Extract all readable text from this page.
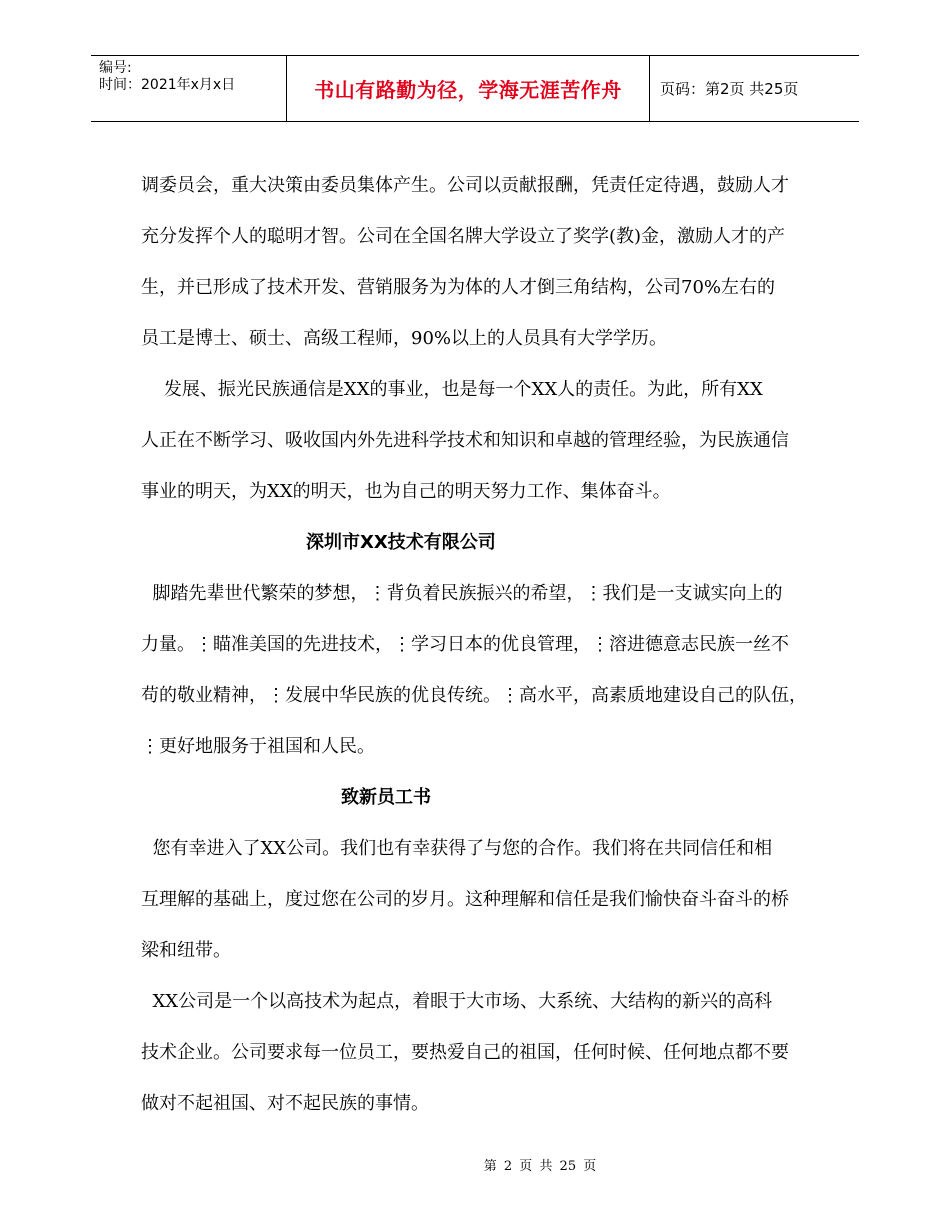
编号:
时间：2021年x月x日	书山有路勤为径，学海无涯苦作舟	页码：第2页 共25页

调委员会，重大决策由委员集体产生。公司以贡献报酬，凭责任定待遇，鼓励人才

充分发挥个人的聪明才智。公司在全国名牌大学设立了奖学(教)金，激励人才的产

生，并已形成了技术开发、营销服务为为体的人才倒三角结构，公司70%左右的

员工是博士、硕士、高级工程师，90%以上的人员具有大学学历。

发展、振光民族通信是XX的事业，也是每一个XX人的责任。为此，所有XX

人正在不断学习、吸收国内外先进科学技术和知识和卓越的管理经验，为民族通信

事业的明天，为XX的明天，也为自己的明天努力工作、集体奋斗。

深圳市XX技术有限公司

脚踏先辈世代繁荣的梦想，⋮背负着民族振兴的希望，⋮我们是一支诚实向上的

力量。⋮瞄准美国的先进技术，⋮学习日本的优良管理，⋮溶进德意志民族一丝不

苟的敬业精神，⋮发展中华民族的优良传统。⋮高水平，高素质地建设自己的队伍，

⋮更好地服务于祖国和人民。

致新员工书

您有幸进入了XX公司。我们也有幸获得了与您的合作。我们将在共同信任和相

互理解的基础上，度过您在公司的岁月。这种理解和信任是我们愉快奋斗奋斗的桥

梁和纽带。

XX公司是一个以高技术为起点，着眼于大市场、大系统、大结构的新兴的高科

技术企业。公司要求每一位员工，要热爱自己的祖国，任何时候、任何地点都不要

做对不起祖国、对不起民族的事情。

第 2 页 共 25 页
